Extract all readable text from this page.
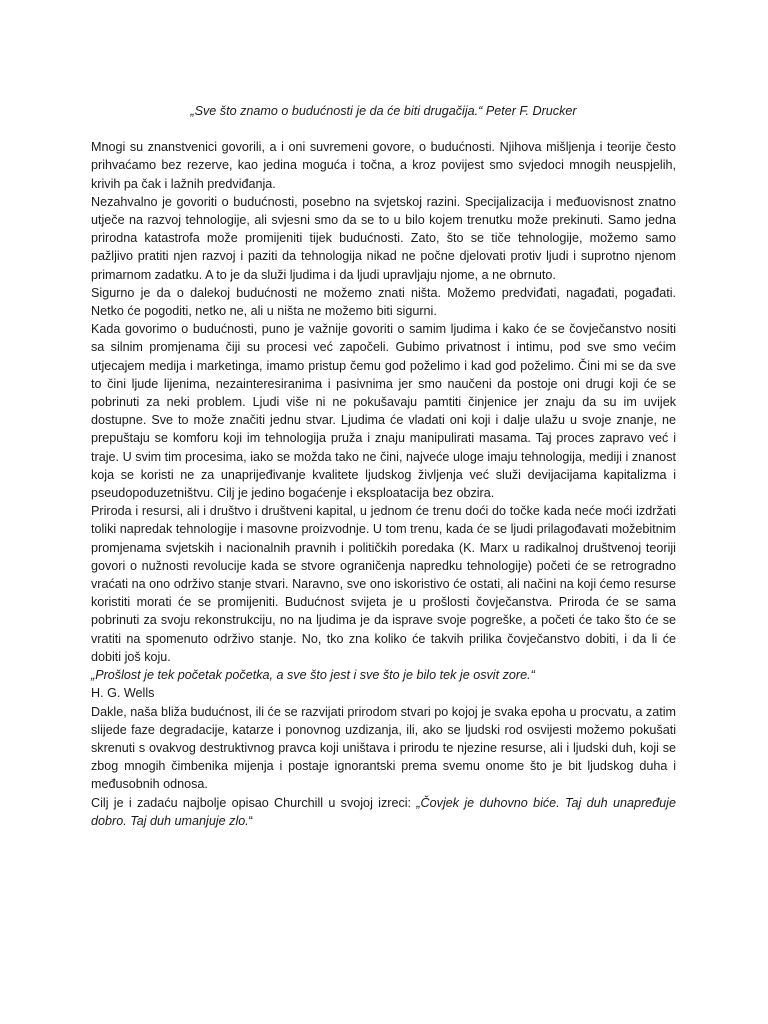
„Sve što znamo o budućnosti je da će biti drugačija.“ Peter F. Drucker

Mnogi su znanstvenici govorili, a i oni suvremeni govore, o budućnosti. Njihova mišljenja i teorije često prihvaćamo bez rezerve, kao jedina moguća i točna, a kroz povijest smo svjedoci mnogih neuspjelih, krivih pa čak i lažnih predviđanja.

Nezahvalno je govoriti o budućnosti, posebno na svjetskoj razini. Specijalizacija i međuovisnost znatno utječe na razvoj tehnologije, ali svjesni smo da se to u bilo kojem trenutku može prekinuti. Samo jedna prirodna katastrofa može promijeniti tijek budućnosti. Zato, što se tiče tehnologije, možemo samo pažljivo pratiti njen razvoj i paziti da tehnologija nikad ne počne djelovati protiv ljudi i suprotno njenom primarnom zadatku. A to je da služi ljudima i da ljudi upravljaju njome, a ne obrnuto.

Sigurno je da o dalekoj budućnosti ne možemo znati ništa. Možemo predviđati, nagađati, pogađati. Netko će pogoditi, netko ne, ali u ništa ne možemo biti sigurni.

Kada govorimo o budućnosti, puno je važnije govoriti o samim ljudima i kako će se čovječanstvo nositi sa silnim promjenama čiji su procesi već započeli. Gubimo privatnost i intimu, pod sve smo većim utjecajem medija i marketinga, imamo pristup čemu god poželimo i kad god poželimo. Čini mi se da sve to čini ljude lijenima, nezainteresiranima i pasivnima jer smo naučeni da postoje oni drugi koji će se pobrinuti za neki problem. Ljudi više ni ne pokušavaju pamtiti činjenice jer znaju da su im uvijek dostupne. Sve to može značiti jednu stvar. Ljudima će vladati oni koji i dalje ulažu u svoje znanje, ne prepuštaju se komforu koji im tehnologija pruža i znaju manipulirati masama. Taj proces zapravo već i traje. U svim tim procesima, iako se možda tako ne čini, najveće uloge imaju tehnologija, mediji i znanost koja se koristi ne za unaprijeđivanje kvalitete ljudskog življenja već služi devijacijama kapitalizma i pseudopoduzetništvu. Cilj je jedino bogaćenje i eksploatacija bez obzira.

Priroda i resursi, ali i društvo i društveni kapital, u jednom će trenu doći do točke kada neće moći izdržati toliki napredak tehnologije i masovne proizvodnje. U tom trenu, kada će se ljudi prilagođavati možebitnim promjenama svjetskih i nacionalnih pravnih i političkih poredaka (K. Marx u radikalnoj društvenoj teoriji govori o nužnosti revolucije kada se stvore ograničenja napredku tehnologije) početi će se retrogradno vraćati na ono održivo stanje stvari. Naravno, sve ono iskoristivo će ostati, ali načini na koji ćemo resurse koristiti morati će se promijeniti. Budućnost svijeta je u prošlosti čovječanstva. Priroda će se sama pobrinuti za svoju rekonstrukciju, no na ljudima je da isprave svoje pogreške, a početi će tako što će se vratiti na spomenuto održivo stanje. No, tko zna koliko će takvih prilika čovječanstvo dobiti, i da li će dobiti još koju.

„Prošlost je tek početak početka, a sve što jest i sve što je bilo tek je osvit zore.“

H. G. Wells

Dakle, naša bliža budućnost, ili će se razvijati prirodom stvari po kojoj je svaka epoha u procvatu, a zatim slijede faze degradacije, katarze i ponovnog uzdizanja, ili, ako se ljudski rod osvijesti možemo pokušati skrenuti s ovakvog destruktivnog pravca koji uništava i prirodu te njezine resurse, ali i ljudski duh, koji se zbog mnogih čimbenika mijenja i postaje ignorantski prema svemu onome što je bit ljudskog duha i međusobnih odnosa.

Cilj je i zadaću najbolje opisao Churchill u svojoj izreci: „Čovjek je duhovno biće. Taj duh unapređuje dobro. Taj duh umanjuje zlo.“
